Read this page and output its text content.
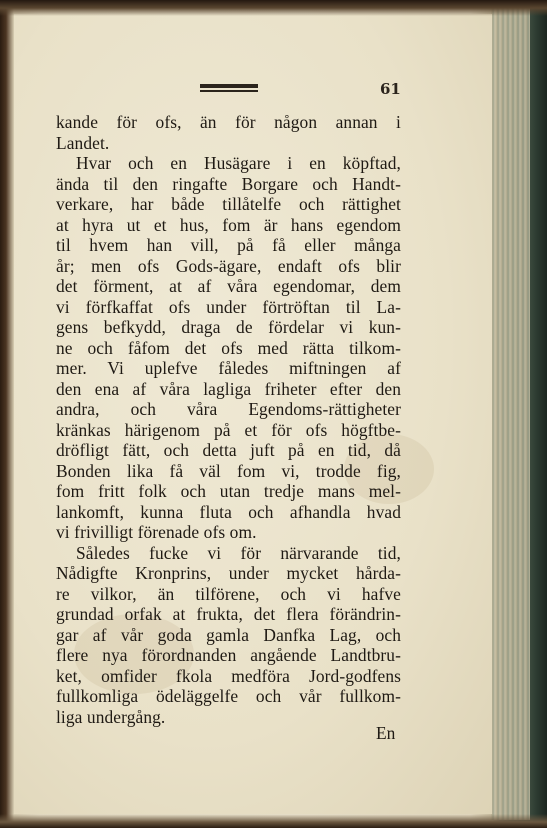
61
kande för ofs, än för någon annan i
Landet.
Hvar och en Husägare i en köpftad,
ända til den ringafte Borgare och Handt-
verkare, har både tillåtelfe och rättighet
at hyra ut et hus, fom är hans egendom
til hvem han vill, på få eller många
år; men ofs Gods-ägare, endaft ofs blir
det förment, at af våra egendomar, dem
vi förfkaffat ofs under förtröftan til La-
gens befkydd, draga de fördelar vi kun-
ne och fåfom det ofs med rätta tilkom-
mer. Vi uplefve fåledes miftningen af
den ena af våra lagliga friheter efter den
andra, och våra Egendoms-rättigheter
kränkas härigenom på et för ofs högftbe-
dröfligt fätt, och detta juft på en tid, då
Bonden lika få väl fom vi, trodde fig,
fom fritt folk och utan tredje mans mel-
lankomft, kunna fluta och afhandla hvad
vi frivilligt förenade ofs om.
Således fucke vi för närvarande tid,
Nådigfte Kronprins, under mycket hårda-
re vilkor, än tilförene, och vi hafve
grundad orfak at frukta, det flera förändrin-
gar af vår goda gamla Danfka Lag, och
flere nya förordnanden angående Landtbru-
ket, omfider fkola medföra Jord-godfens
fullkomliga ödeläggelfe och vår fullkom-
liga undergång.
En
